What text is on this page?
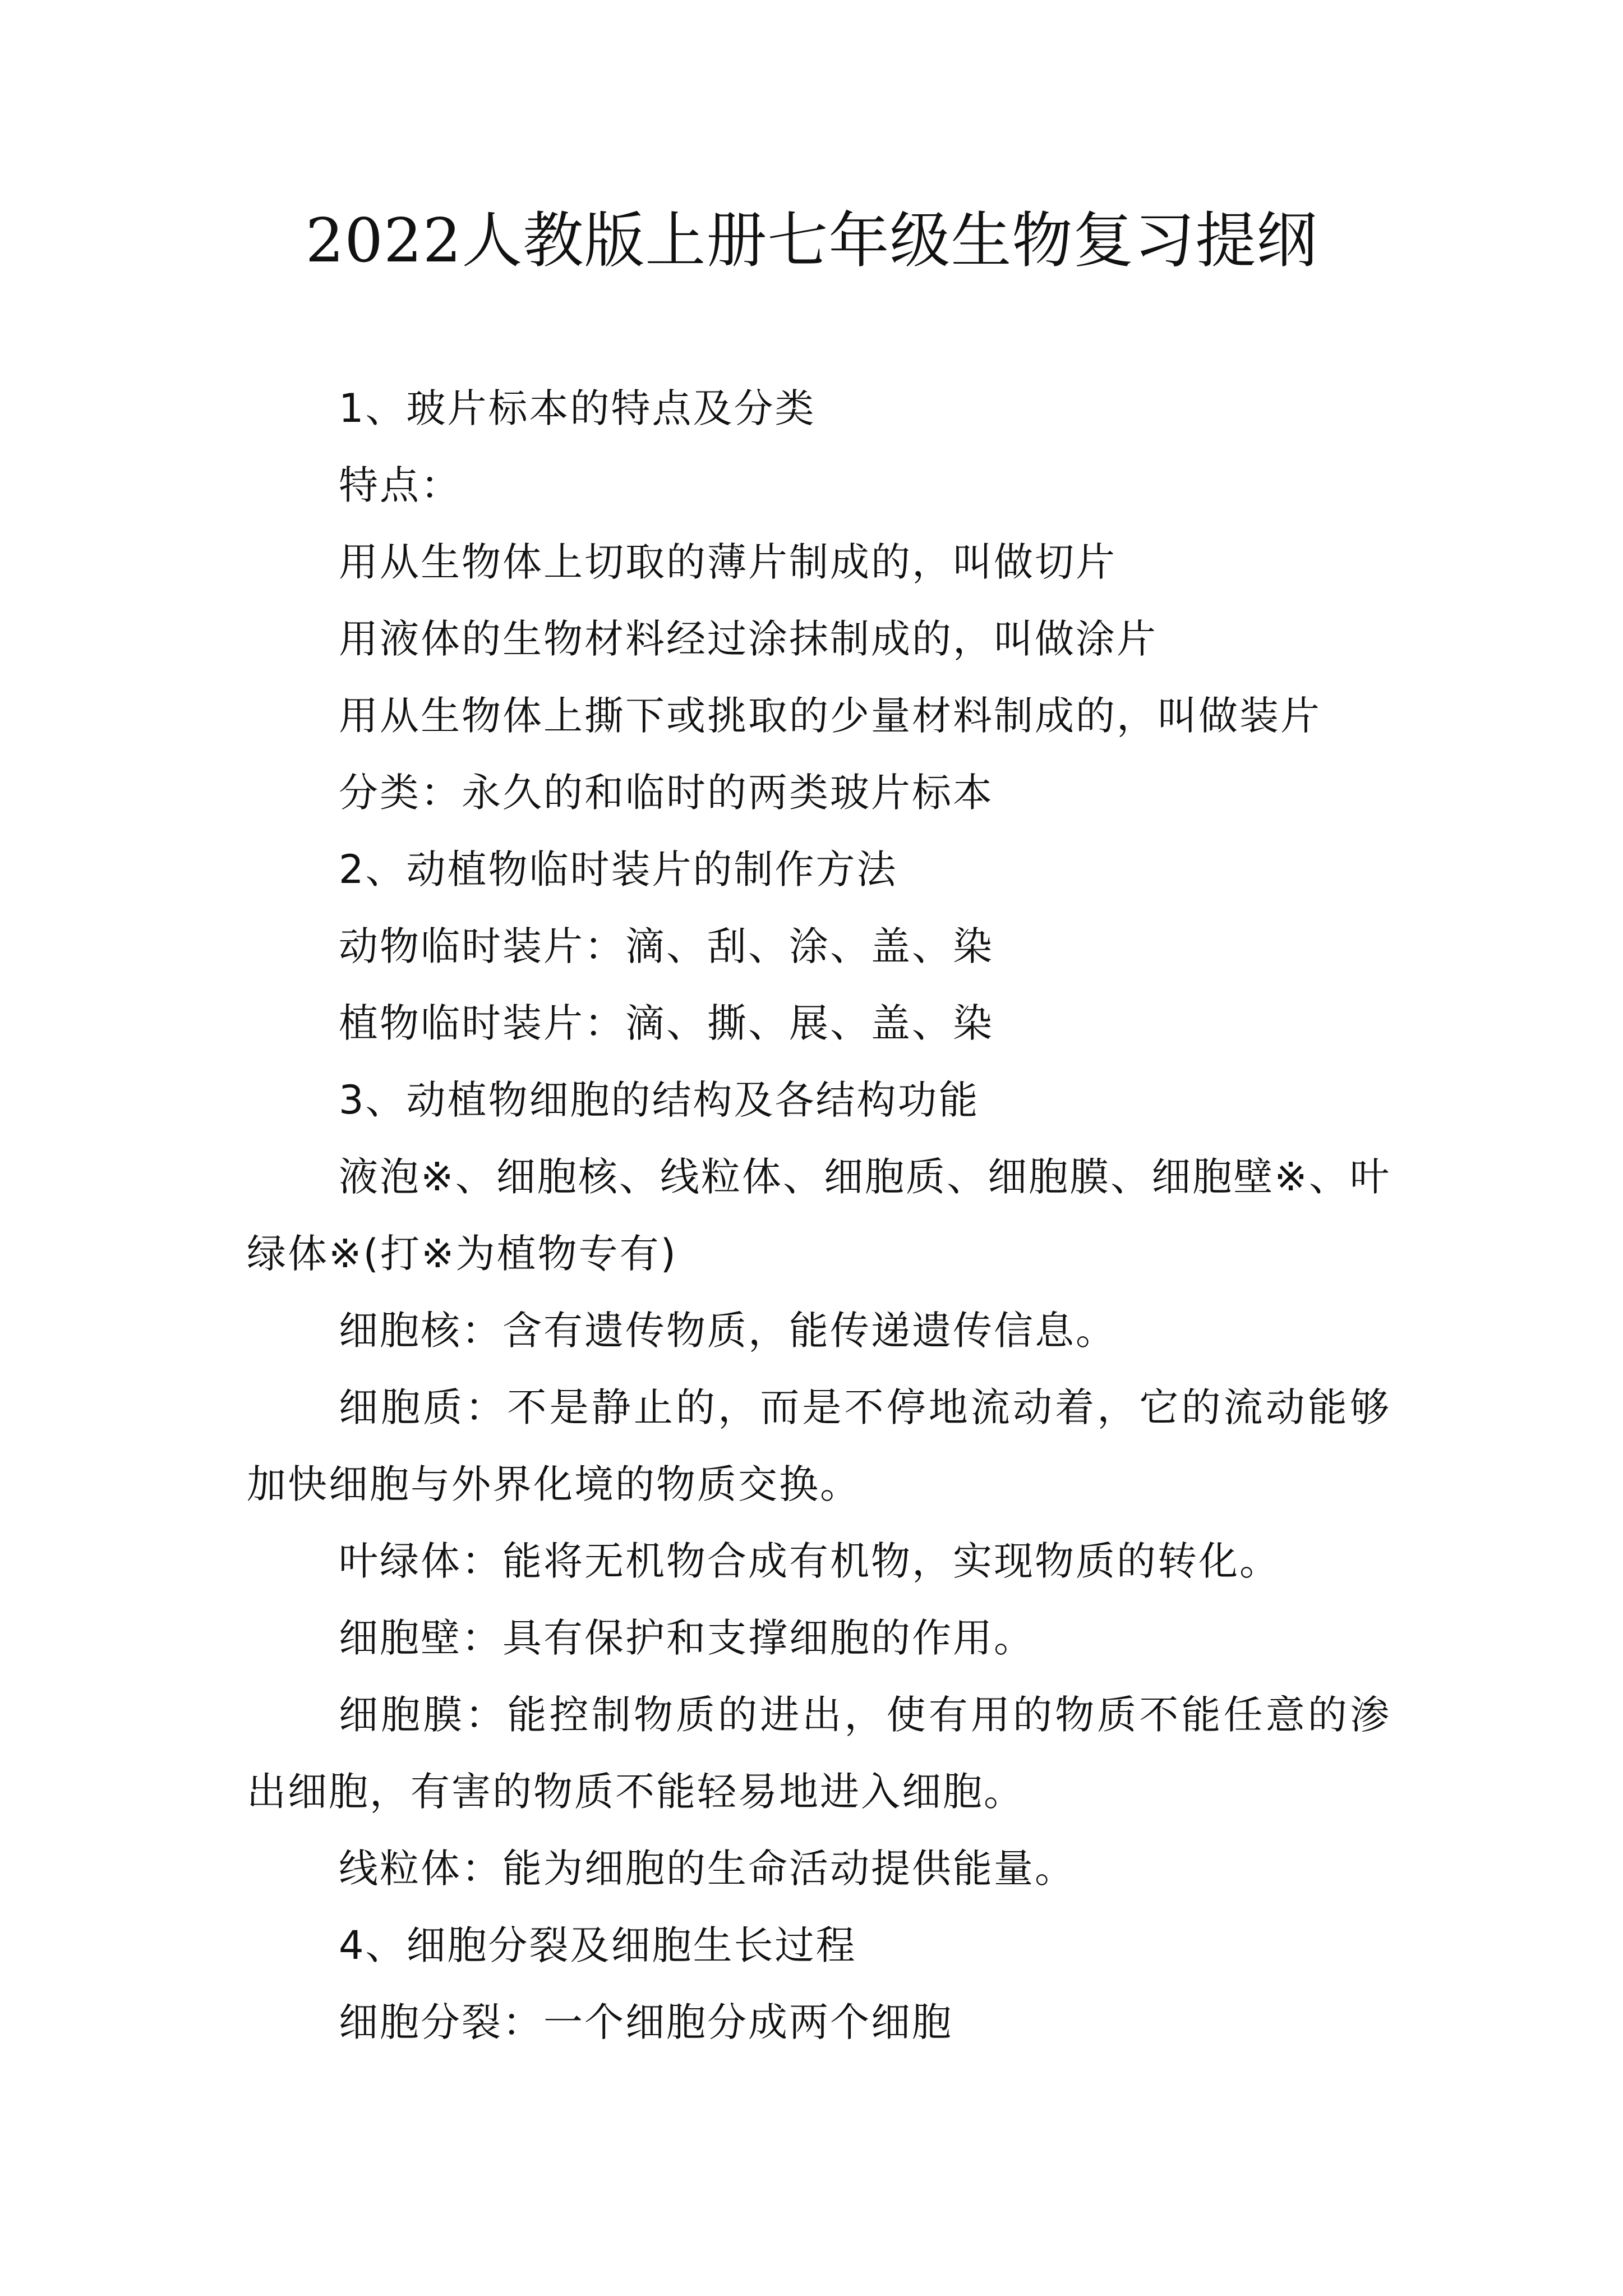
2022人教版上册七年级生物复习提纲

1、玻片标本的特点及分类

特点：

用从生物体上切取的薄片制成的，叫做切片

用液体的生物材料经过涂抹制成的，叫做涂片

用从生物体上撕下或挑取的少量材料制成的，叫做装片

分类：永久的和临时的两类玻片标本

2、动植物临时装片的制作方法

动物临时装片：滴、刮、涂、盖、染

植物临时装片：滴、撕、展、盖、染

3、动植物细胞的结构及各结构功能

液泡※、细胞核、线粒体、细胞质、细胞膜、细胞壁※、叶绿体※(打※为植物专有)

细胞核：含有遗传物质，能传递遗传信息。

细胞质：不是静止的，而是不停地流动着，它的流动能够加快细胞与外界化境的物质交换。

叶绿体：能将无机物合成有机物，实现物质的转化。

细胞壁：具有保护和支撑细胞的作用。

细胞膜：能控制物质的进出，使有用的物质不能任意的渗出细胞，有害的物质不能轻易地进入细胞。

线粒体：能为细胞的生命活动提供能量。

4、细胞分裂及细胞生长过程

细胞分裂：一个细胞分成两个细胞
